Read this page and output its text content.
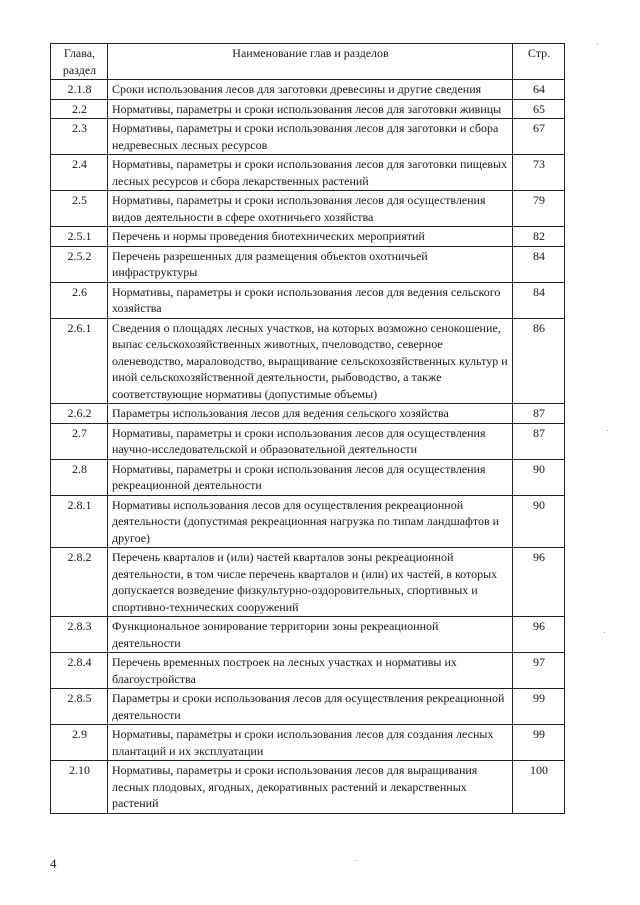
Глава, раздел	Наименование глав и разделов	Стр.
2.1.8	Сроки использования лесов для заготовки древесины и другие сведения	64
2.2	Нормативы, параметры и сроки использования лесов для заготовки живицы	65
2.3	Нормативы, параметры и сроки использования лесов для заготовки и сбора недревесных лесных ресурсов	67
2.4	Нормативы, параметры и сроки использования лесов для заготовки пищевых лесных ресурсов и сбора лекарственных растений	73
2.5	Нормативы, параметры и сроки использования лесов для осуществления видов деятельности в сфере охотничьего хозяйства	79
2.5.1	Перечень и нормы проведения биотехнических мероприятий	82
2.5.2	Перечень разрешенных для размещения объектов охотничьей инфраструктуры	84
2.6	Нормативы, параметры и сроки использования лесов для ведения сельского хозяйства	84
2.6.1	Сведения о площадях лесных участков, на которых возможно сенокошение, выпас сельскохозяйственных животных, пчеловодство, северное оленеводство, мараловодство, выращивание сельскохозяйственных культур и иной сельскохозяйственной деятельности, рыбоводство, а также соответствующие нормативы (допустимые объемы)	86
2.6.2	Параметры использования лесов для ведения сельского хозяйства	87
2.7	Нормативы, параметры и сроки использования лесов для осуществления научно-исследовательской и образовательной деятельности	87
2.8	Нормативы, параметры и сроки использования лесов для осуществления рекреационной деятельности	90
2.8.1	Нормативы использования лесов для осуществления рекреационной деятельности (допустимая рекреационная нагрузка по типам ландшафтов и другое)	90
2.8.2	Перечень кварталов и (или) частей кварталов зоны рекреационной деятельности, в том числе перечень кварталов и (или) их частей, в которых допускается возведение физкультурно-оздоровительных, спортивных и спортивно-технических сооружений	96
2.8.3	Функциональное зонирование территории зоны рекреационной деятельности	96
2.8.4	Перечень временных построек на лесных участках и нормативы их благоустройства	97
2.8.5	Параметры и сроки использования лесов для осуществления рекреационной деятельности	99
2.9	Нормативы, параметры и сроки использования лесов для создания лесных плантаций и их эксплуатации	99
2.10	Нормативы, параметры и сроки использования лесов для выращивания лесных плодовых, ягодных, декоративных растений и лекарственных растений	100
4
